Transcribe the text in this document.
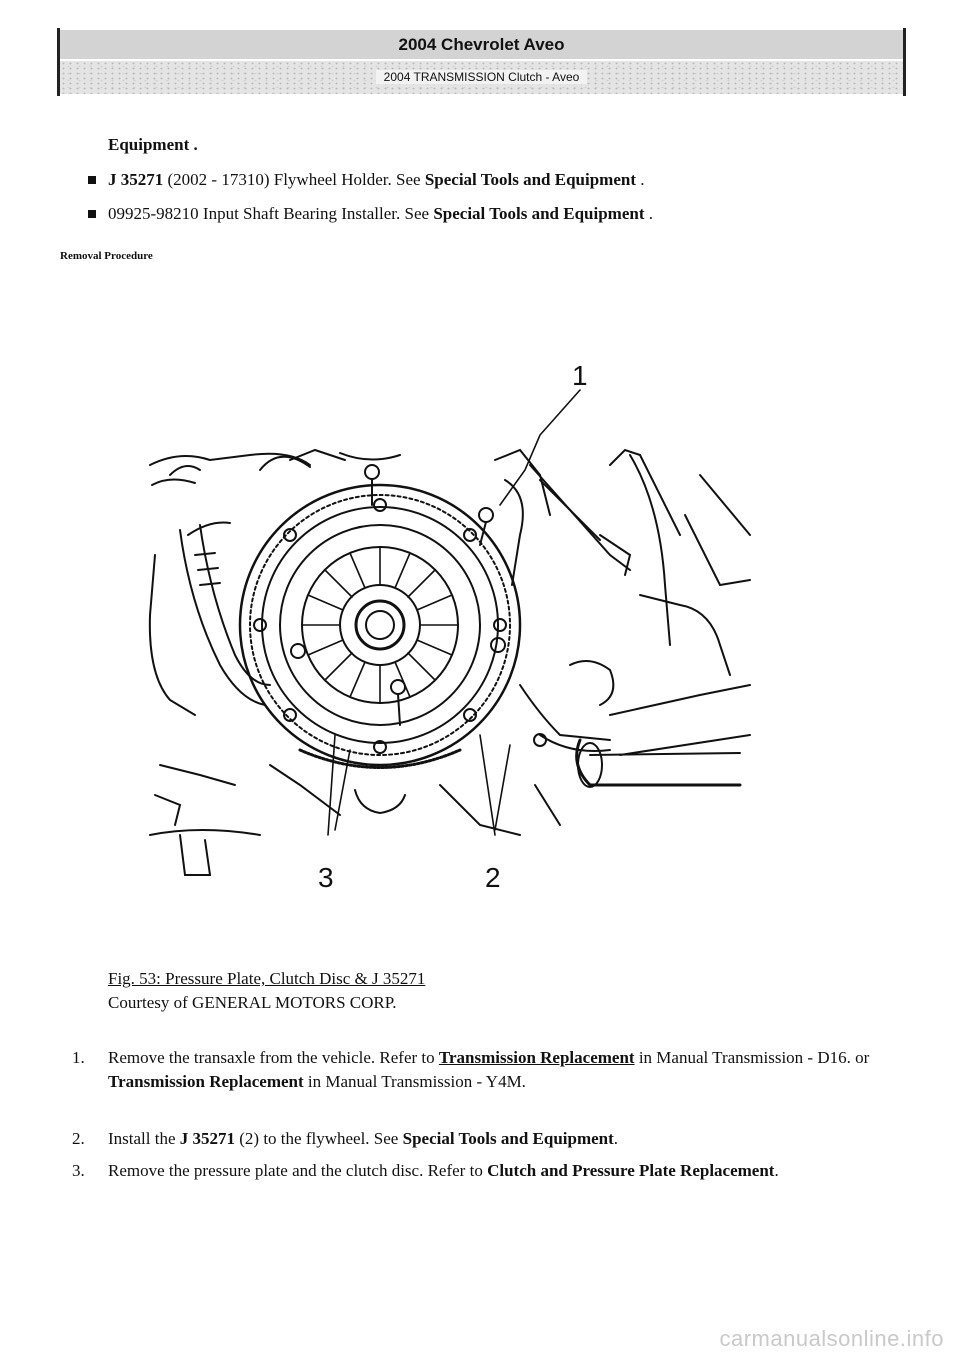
2004 Chevrolet Aveo
2004 TRANSMISSION Clutch - Aveo
Equipment .
J 35271 (2002 - 17310) Flywheel Holder. See Special Tools and Equipment .
09925-98210 Input Shaft Bearing Installer. See Special Tools and Equipment .
Removal Procedure
1
2
3
Fig. 53: Pressure Plate, Clutch Disc & J 35271
Courtesy of GENERAL MOTORS CORP.
1. Remove the transaxle from the vehicle. Refer to Transmission Replacement in Manual Transmission - D16. or Transmission Replacement in Manual Transmission - Y4M.
2. Install the J 35271 (2) to the flywheel. See Special Tools and Equipment.
3. Remove the pressure plate and the clutch disc. Refer to Clutch and Pressure Plate Replacement.
carmanualsonline.info
